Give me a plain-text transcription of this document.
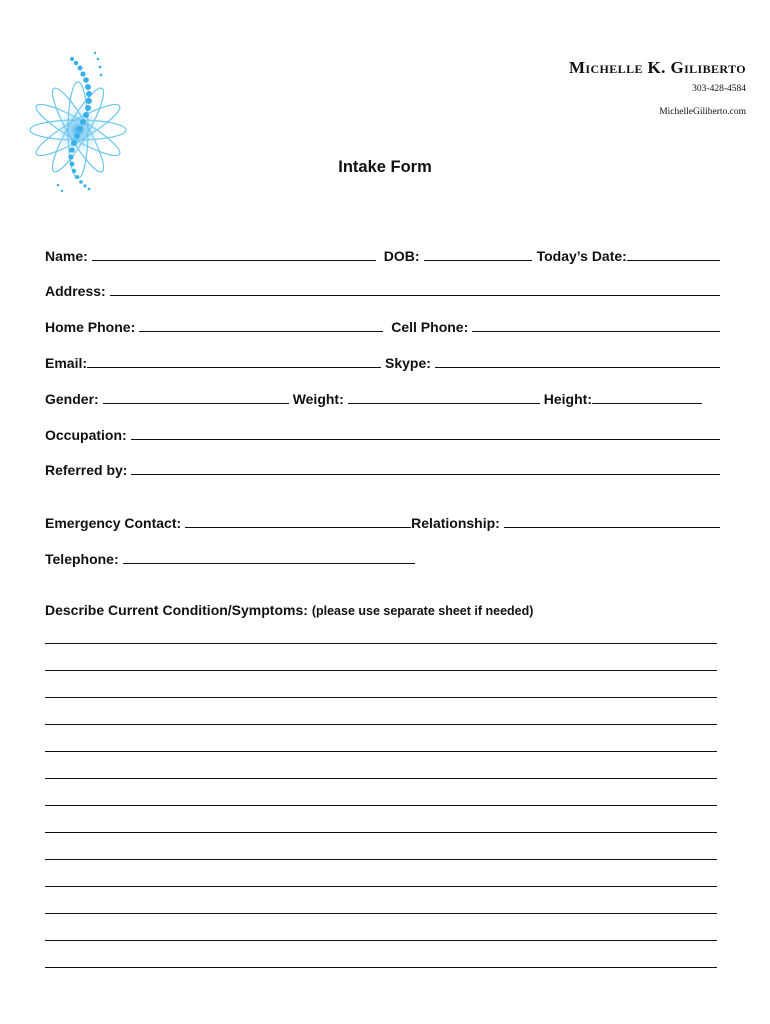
Michelle K. Giliberto
303-428-4584
MichelleGiliberto.com
Intake Form
Name:	DOB:	Today’s Date:
Address:
Home Phone:	Cell Phone:
Email:	Skype:
Gender:	Weight:	Height:
Occupation:
Referred by:
Emergency Contact:	Relationship:
Telephone:
Describe Current Condition/Symptoms: (please use separate sheet if needed)
